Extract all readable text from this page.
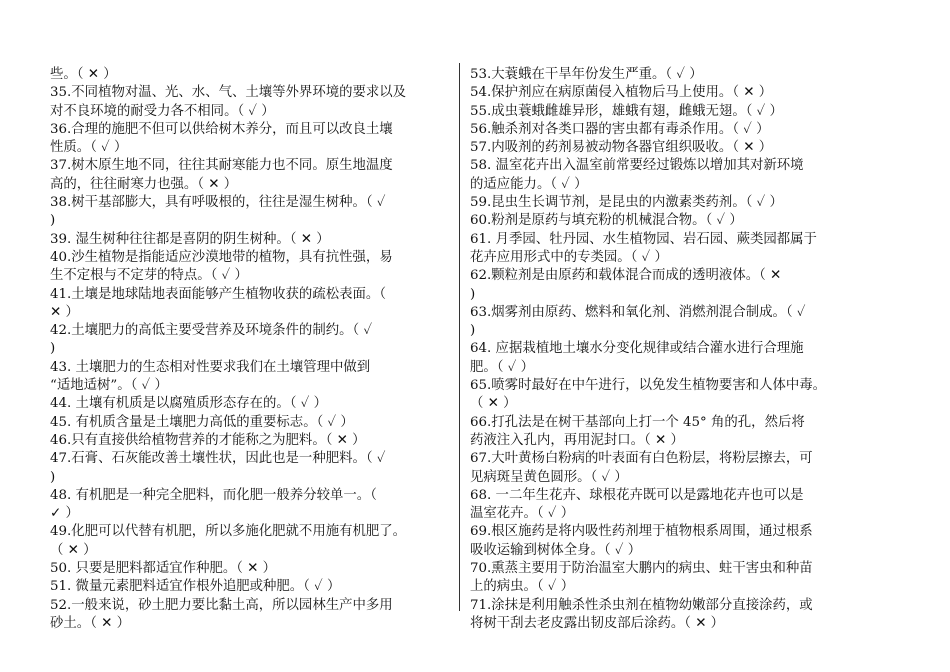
些。（ ✕ ）
35.不同植物对温、光、水、气、土壤等外界环境的要求以及
对不良环境的耐受力各不相同。（ ✓ ）
36.合理的施肥不但可以供给树木养分，而且可以改良土壤
性质。（ ✓ ）
37.树木原生地不同，往往其耐寒能力也不同。原生地温度
高的，往往耐寒力也强。（ ✕ ）
38.树干基部膨大，具有呼吸根的，往往是湿生树种。（ ✓
)
39. 湿生树种往往都是喜阴的阴生树种。（ ✕ ）
40.沙生植物是指能适应沙漠地带的植物，具有抗性强，易
生不定根与不定芽的特点。（ ✓ ）
41.土壤是地球陆地表面能够产生植物收获的疏松表面。（
✕ ）
42.土壤肥力的高低主要受营养及环境条件的制约。（ ✓
)
43. 土壤肥力的生态相对性要求我们在土壤管理中做到
“适地适树”。（ ✓ ）
44. 土壤有机质是以腐殖质形态存在的。（ ✓ ）
45. 有机质含量是土壤肥力高低的重要标志。（ ✓ ）
46.只有直接供给植物营养的才能称之为肥料。（ ✕ ）
47.石膏、石灰能改善土壤性状，因此也是一种肥料。（ ✓
)
48. 有机肥是一种完全肥料，而化肥一般养分较单一。（
✓ ）
49.化肥可以代替有机肥，所以多施化肥就不用施有机肥了。
（ ✕ ）
50. 只要是肥料都适宜作种肥。（ ✕ ）
51. 微量元素肥料适宜作根外追肥或种肥。（ ✓ ）
52.一般来说，砂土肥力要比黏土高，所以园林生产中多用
砂土。（ ✕ ）
53.大蓑蛾在干旱年份发生严重。（ ✓ ）
54.保护剂应在病原菌侵入植物后马上使用。（ ✕ ）
55.成虫蓑蛾雌雄异形，雄蛾有翅，雌蛾无翅。（ ✓ ）
56.触杀剂对各类口器的害虫都有毒杀作用。（ ✓ ）
57.内吸剂的药剂易被动物各器官组织吸收。（ ✕ ）
58. 温室花卉出入温室前常要经过锻炼以增加其对新环境
的适应能力。（ ✓ ）
59.昆虫生长调节剂，是昆虫的内激素类药剂。（ ✓ ）
60.粉剂是原药与填充粉的机械混合物。（ ✓ ）
61. 月季园、牡丹园、水生植物园、岩石园、蕨类园都属于
花卉应用形式中的专类园。（ ✓ ）
62.颗粒剂是由原药和载体混合而成的透明液体。（ ✕
)
63.烟雾剂由原药、燃料和氧化剂、消燃剂混合制成。（ ✓
)
64. 应据栽植地土壤水分变化规律或结合灌水进行合理施
肥。（ ✓ ）
65.喷雾时最好在中午进行，以免发生植物要害和人体中毒。
（ ✕ ）
66.打孔法是在树干基部向上打一个 45° 角的孔，然后将
药液注入孔内，再用泥封口。（ ✕ ）
67.大叶黄杨白粉病的叶表面有白色粉层，将粉层擦去，可
见病斑呈黄色圆形。（ ✓ ）
68. 一二年生花卉、球根花卉既可以是露地花卉也可以是
温室花卉。（ ✓ ）
69.根区施药是将内吸性药剂埋于植物根系周围，通过根系
吸收运输到树体全身。（ ✓ ）
70.熏蒸主要用于防治温室大鹏内的病虫、蛀干害虫和种苗
上的病虫。（ ✓ ）
71.涂抹是利用触杀性杀虫剂在植物幼嫩部分直接涂药，或
将树干刮去老皮露出韧皮部后涂药。（ ✕ ）
